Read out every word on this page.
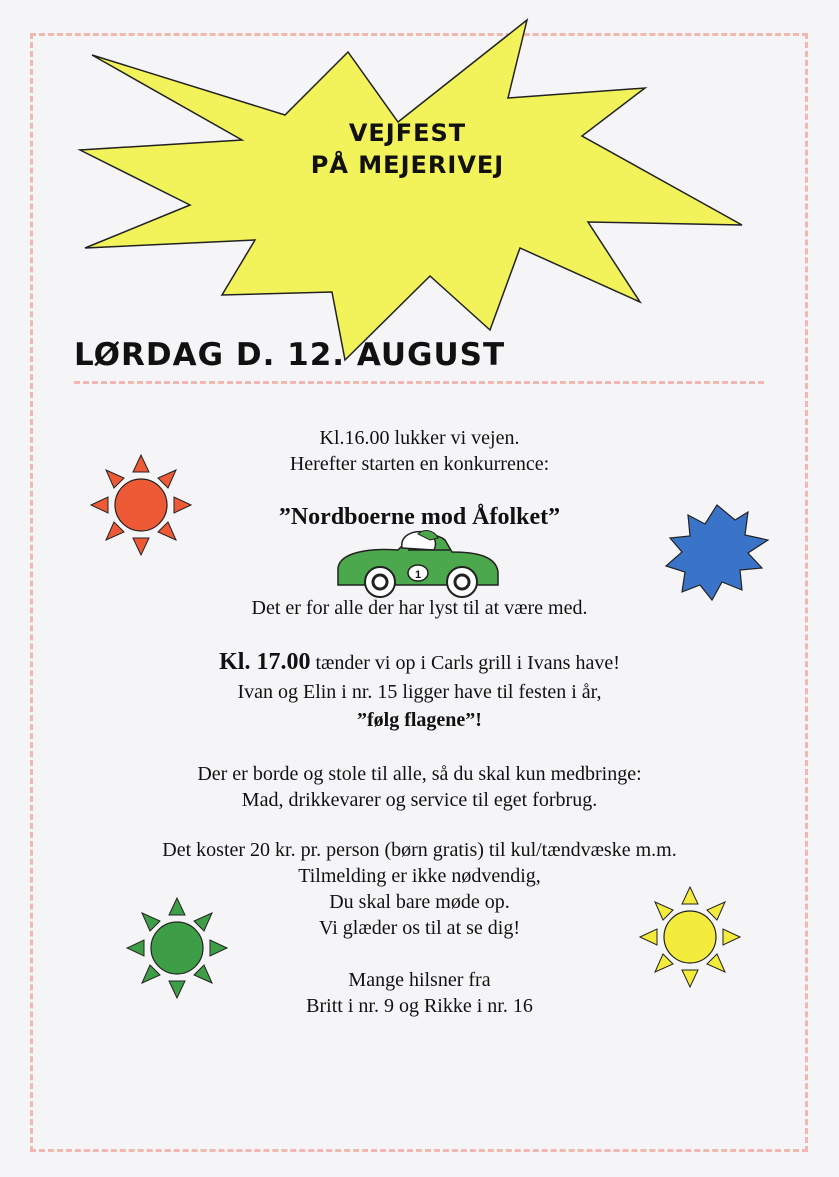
1
VEJFEST
PÅ MEJERIVEJ
LØRDAG D. 12. AUGUST
Kl.16.00 lukker vi vejen.
Herefter starten en konkurrence:
”Nordboerne mod Åfolket”
Det er for alle der har lyst til at være med.
Kl. 17.00 tænder vi op i Carls grill i Ivans have!
Ivan og Elin i nr. 15 ligger have til festen i år,
”følg flagene”!
Der er borde og stole til alle, så du skal kun medbringe:
Mad, drikkevarer og service til eget forbrug.
Det koster 20 kr. pr. person (børn gratis) til kul/tændvæske m.m.
Tilmelding er ikke nødvendig,
Du skal bare møde op.
Vi glæder os til at se dig!
Mange hilsner fra
Britt i nr. 9 og Rikke i nr. 16
